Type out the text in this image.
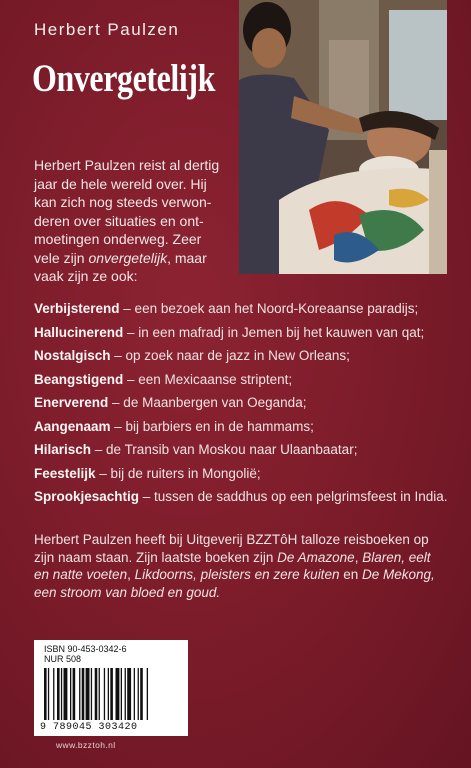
Herbert Paulzen
Onvergetelijk
Herbert Paulzen reist al dertig
jaar de hele wereld over. Hij
kan zich nog steeds verwon-
deren over situaties en ont-
moetingen onderweg. Zeer
vele zijn onvergetelijk, maar
vaak zijn ze ook:
Verbijsterend – een bezoek aan het Noord-Koreaanse paradijs;
Hallucinerend – in een mafradj in Jemen bij het kauwen van qat;
Nostalgisch – op zoek naar de jazz in New Orleans;
Beangstigend – een Mexicaanse striptent;
Enerverend – de Maanbergen van Oeganda;
Aangenaam – bij barbiers en in de hammams;
Hilarisch – de Transib van Moskou naar Ulaanbaatar;
Feestelijk – bij de ruiters in Mongolië;
Sprookjesachtig – tussen de saddhus op een pelgrimsfeest in India.
Herbert Paulzen heeft bij Uitgeverij BZZTôH talloze reisboeken op
zijn naam staan. Zijn laatste boeken zijn De Amazone, Blaren, eelt
en natte voeten, Likdoorns, pleisters en zere kuiten en De Mekong,
een stroom van bloed en goud.
ISBN 90-453-0342-6
NUR 508
9 789045 303420
www.bzztoh.nl
